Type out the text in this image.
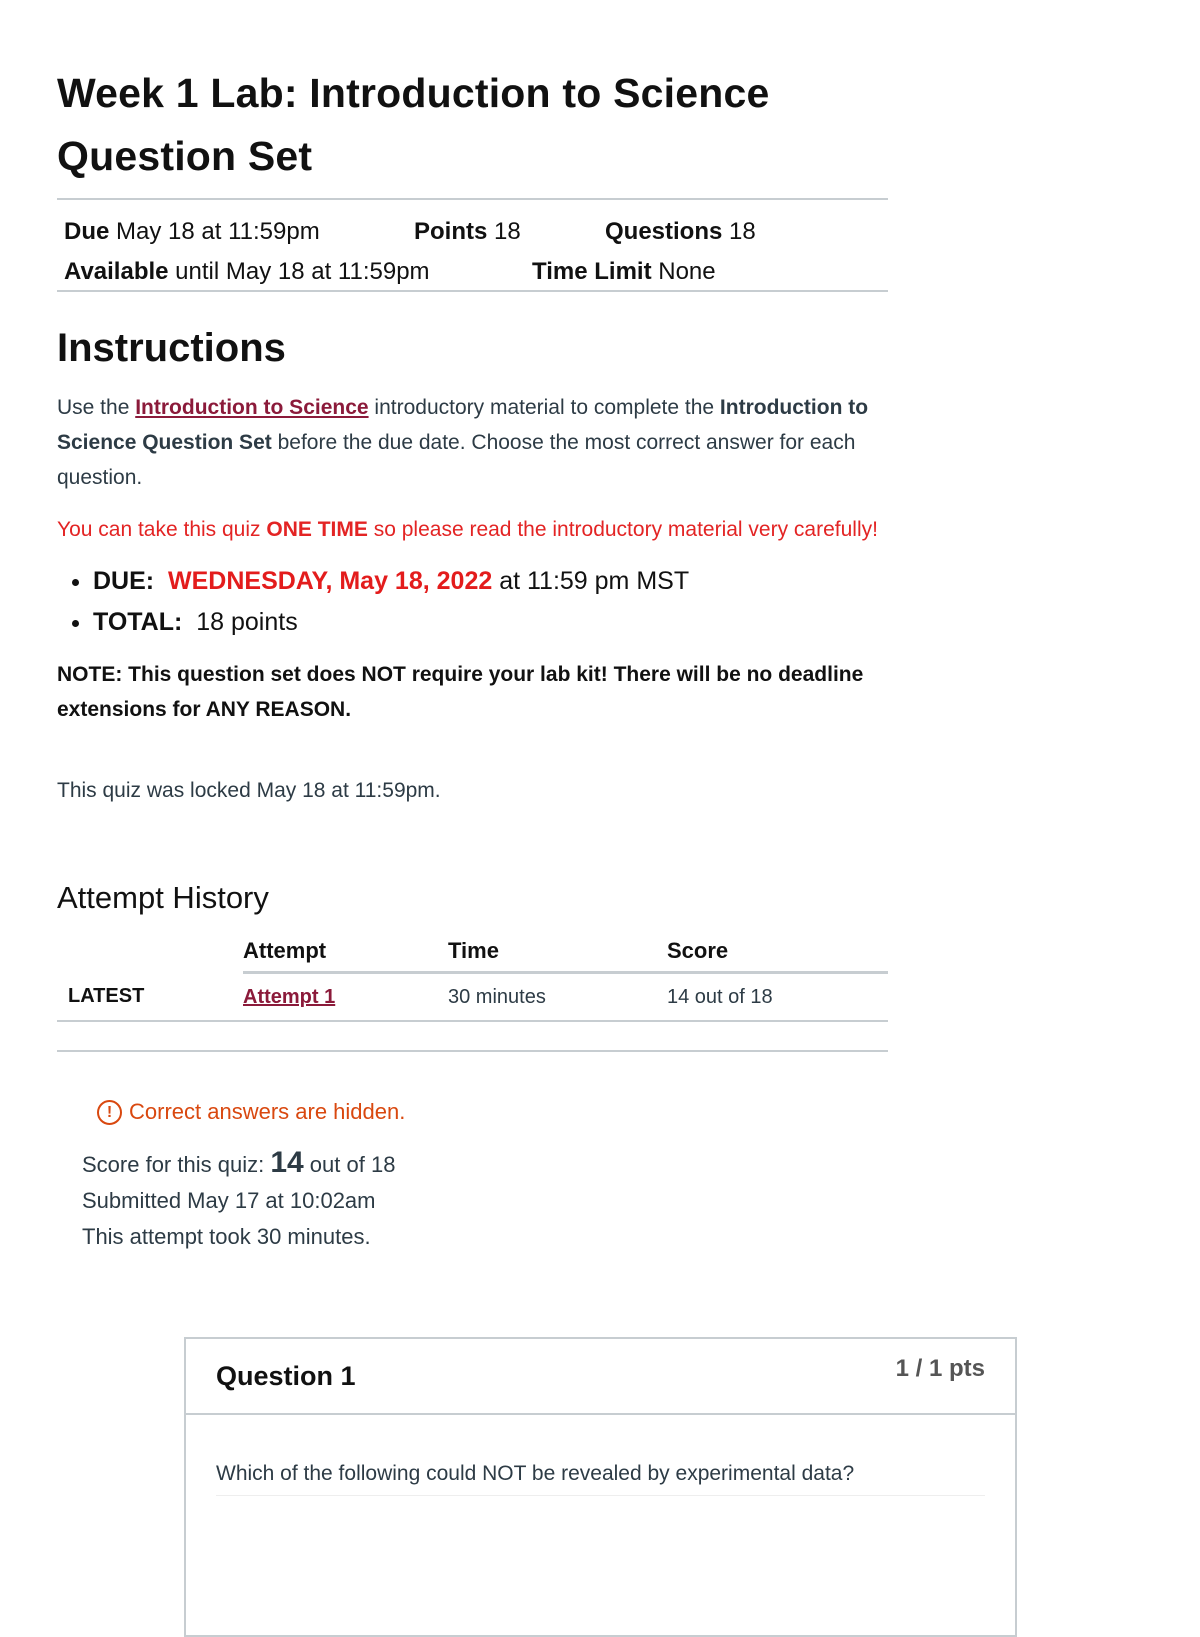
Week 1 Lab: Introduction to Science
Question Set
Due May 18 at 11:59pm	Points 18	Questions 18
Available until May 18 at 11:59pm	Time Limit None
Instructions

Use the Introduction to Science introductory material to complete the Introduction to Science Question Set before the due date. Choose the most correct answer for each question.

You can take this quiz ONE TIME so please read the introductory material very carefully!
• DUE: WEDNESDAY, May 18, 2022 at 11:59 pm MST
• TOTAL: 18 points
NOTE: This question set does NOT require your lab kit! There will be no deadline extensions for ANY REASON.
This quiz was locked May 18 at 11:59pm.
Attempt History
	Attempt	Time	Score
LATEST	Attempt 1	30 minutes	14 out of 18
! Correct answers are hidden.
Score for this quiz: 14 out of 18
Submitted May 17 at 10:02am
This attempt took 30 minutes.
Question 1	1 / 1 pts
Which of the following could NOT be revealed by experimental data?
